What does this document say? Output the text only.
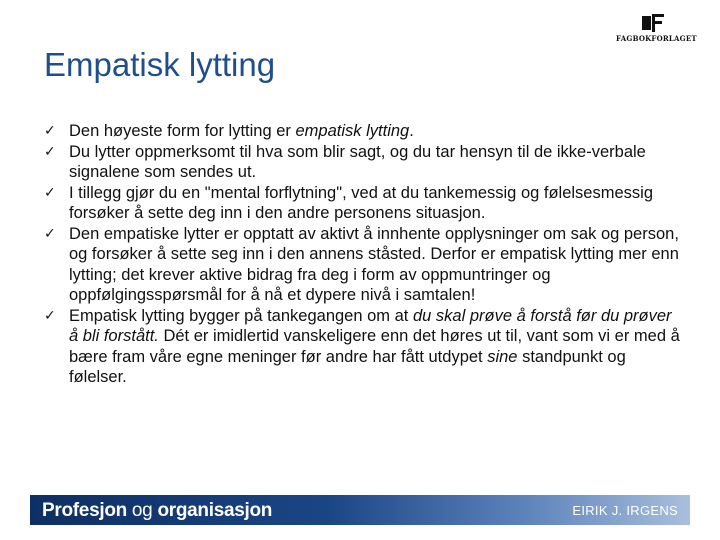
FAGBOKFORLAGET
Empatisk lytting
✓ Den høyeste form for lytting er empatisk lytting.
✓ Du lytter oppmerksomt til hva som blir sagt, og du tar hensyn til de ikke-verbale signalene som sendes ut.
✓ I tillegg gjør du en "mental forflytning", ved at du tankemessig og følelsesmessig forsøker å sette deg inn i den andre personens situasjon.
✓ Den empatiske lytter er opptatt av aktivt å innhente opplysninger om sak og person, og forsøker å sette seg inn i den annens ståsted. Derfor er empatisk lytting mer enn lytting; det krever aktive bidrag fra deg i form av oppmuntringer og oppfølgingsspørsmål for å nå et dypere nivå i samtalen!
✓ Empatisk lytting bygger på tankegangen om at du skal prøve å forstå før du prøver å bli forstått. Dét er imidlertid vanskeligere enn det høres ut til, vant som vi er med å bære fram våre egne meninger før andre har fått utdypet sine standpunkt og følelser.
Profesjon og organisasjon	EIRIK J. IRGENS
